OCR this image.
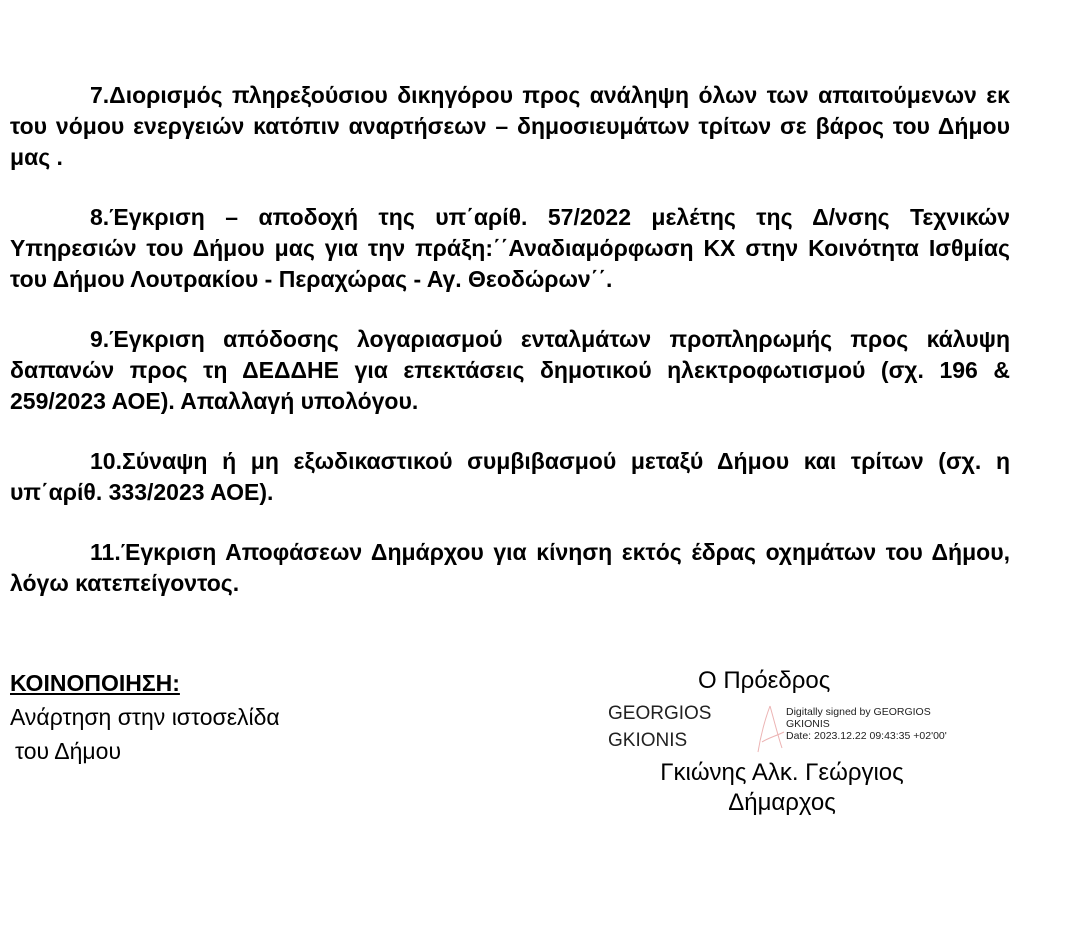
7.Διορισμός πληρεξούσιου δικηγόρου προς ανάληψη όλων των απαιτούμενων εκ του νόμου ενεργειών κατόπιν αναρτήσεων – δημοσιευμάτων τρίτων σε βάρος του Δήμου μας .

8.Έγκριση – αποδοχή της υπ΄αρίθ. 57/2022 μελέτης της Δ/νσης Τεχνικών Υπηρεσιών του Δήμου μας για την πράξη:΄΄Αναδιαμόρφωση ΚΧ στην Κοινότητα Ισθμίας του Δήμου Λουτρακίου - Περαχώρας - Αγ. Θεοδώρων΄΄.

9.Έγκριση απόδοσης λογαριασμού ενταλμάτων προπληρωμής προς κάλυψη δαπανών προς τη ΔΕΔΔΗΕ για επεκτάσεις δημοτικού ηλεκτροφωτισμού (σχ. 196 & 259/2023 ΑΟΕ). Απαλλαγή υπολόγου.

10.Σύναψη ή μη εξωδικαστικού συμβιβασμού μεταξύ Δήμου και τρίτων (σχ. η υπ΄αρίθ. 333/2023 ΑΟΕ).

11.Έγκριση Αποφάσεων Δημάρχου για κίνηση εκτός έδρας οχημάτων του Δήμου, λόγω κατεπείγοντος.

ΚΟΙΝΟΠΟΙΗΣΗ:
Ανάρτηση στην ιστοσελίδα
του Δήμου
Ο Πρόεδρος
GEORGIOS
GKIONIS
Digitally signed by GEORGIOS
GKIONIS
Date: 2023.12.22 09:43:35 +02'00'
Γκιώνης Αλκ. Γεώργιος
Δήμαρχος
